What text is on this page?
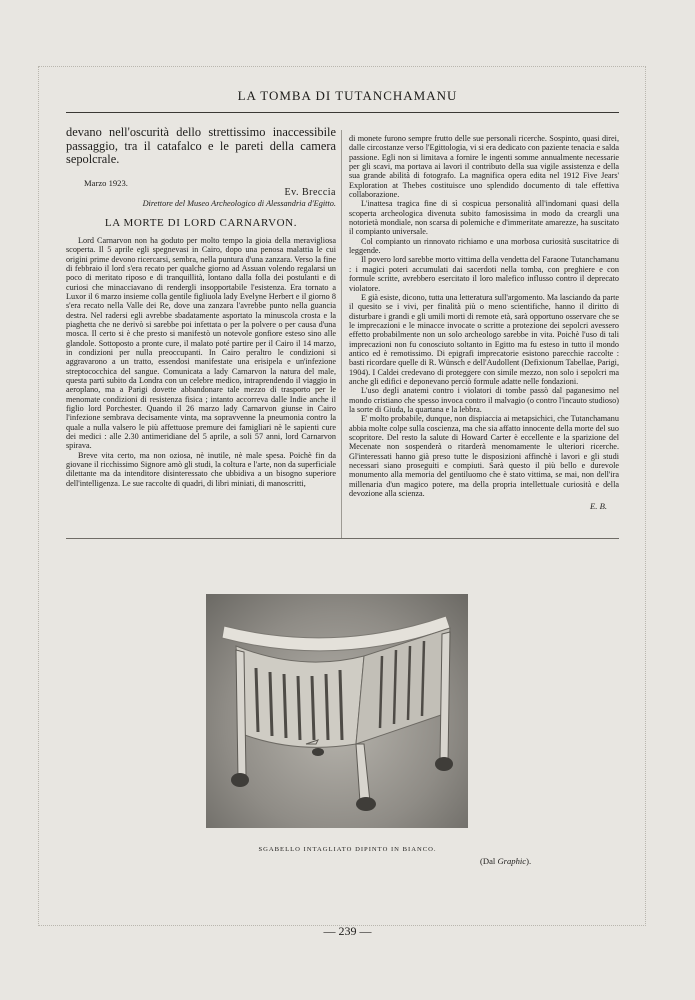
LA TOMBA DI TUTANCHAMANU
devano nell'oscurità dello strettissimo inaccessibile passaggio, tra il catafalco e le pareti della camera sepolcrale.
Marzo 1923.
Ev. Breccia
Direttore del Museo Archeologico di Alessandria d'Egitto.
LA MORTE DI LORD CARNARVON.

Lord Carnarvon non ha goduto per molto tempo la gioia della meravigliosa scoperta. Il 5 aprile egli spegnevasi in Cairo, dopo una penosa malattia le cui origini prime devono ricercarsi, sembra, nella puntura d'una zanzara. Verso la fine di febbraio il lord s'era recato per qualche giorno ad Assuan volendo regalarsi un poco di meritato riposo e di tranquillità, lontano dalla folla dei postulanti e di curiosi che minacciavano di rendergli insopportabile l'esistenza. Era tornato a Luxor il 6 marzo insieme colla gentile figliuola lady Evelyne Herbert e il giorno 8 s'era recato nella Valle dei Re, dove una zanzara l'avrebbe punto nella guancia destra. Nel radersi egli avrebbe sbadatamente asportato la minuscola crosta e la piaghetta che ne derivò si sarebbe poi infettata o per la polvere o per causa d'una mosca. Il certo si è che presto si manifestò un notevole gonfiore esteso sino alle glandole. Sottoposto a pronte cure, il malato poté partire per il Cairo il 14 marzo, in condizioni per nulla preoccupanti. In Cairo peraltro le condizioni si aggravarono a un tratto, essendosi manifestate una erisipela e un'infezione streptococchica del sangue. Comunicata a lady Carnarvon la natura del male, questa partì subito da Londra con un celebre medico, intraprendendo il viaggio in aeroplano, ma a Parigi dovette abbandonare tale mezzo di trasporto per le menomate condizioni di resistenza fisica ; intanto accorreva dalle Indie anche il figlio lord Porchester. Quando il 26 marzo lady Carnarvon giunse in Cairo l'infezione sembrava decisamente vinta, ma sopravvenne la pneumonia contro la quale a nulla valsero le più affettuose premure dei famigliari nè le sapienti cure dei medici : alle 2.30 antimeridiane del 5 aprile, a soli 57 anni, lord Carnarvon spirava.

Breve vita certo, ma non oziosa, nè inutile, nè male spesa. Poichè fin da giovane il ricchissimo Signore amò gli studi, la coltura e l'arte, non da superficiale dilettante ma da intenditore disinteressato che ubbidiva a un bisogno superiore dell'intelligenza. Le sue raccolte di quadri, di libri miniati, di manoscritti,

di monete furono sempre frutto delle sue personali ricerche. Sospinto, quasi direi, dalle circostanze verso l'Egittologia, vi si era dedicato con paziente tenacia e salda passione. Egli non si limitava a fornire le ingenti somme annualmente necessarie per gli scavi, ma portava ai lavori il contributo della sua vigile assistenza e della sua grande abilità di fotografo. La magnifica opera edita nel 1912 Five Jears' Exploration at Thebes costituisce uno splendido documento di tale effettiva collaborazione.

L'inattesa tragica fine di sì cospicua personalità all'indomani quasi della scoperta archeologica divenuta subito famosissima in modo da creargli una notorietà mondiale, non scarsa di polemiche e d'immeritate amarezze, ha suscitato il compianto universale.

Col compianto un rinnovato richiamo e una morbosa curiosità suscitatrice di leggende.

Il povero lord sarebbe morto vittima della vendetta del Faraone Tutanchamanu : i magici poteri accumulati dai sacerdoti nella tomba, con preghiere e con formule scritte, avrebbero esercitato il loro malefico influsso contro il deprecato violatore.

E già esiste, dicono, tutta una letteratura sull'argomento. Ma lasciando da parte il quesito se i vivi, per finalità più o meno scientifiche, hanno il diritto di disturbare i grandi e gli umili morti di remote età, sarà opportuno osservare che se le imprecazioni e le minacce invocate o scritte a protezione dei sepolcri avessero effetto probabilmente non un solo archeologo sarebbe in vita. Poichè l'uso di tali imprecazioni non fu conosciuto soltanto in Egitto ma fu esteso in tutto il mondo antico ed è remotissimo. Di epigrafi imprecatorie esistono parecchie raccolte : basti ricordare quelle di R. Wünsch e dell'Audollent (Defixionum Tabellae, Parigi, 1904). I Caldei credevano di proteggere con simile mezzo, non solo i sepolcri ma anche gli edifici e deponevano perciò formule adatte nelle fondazioni.

L'uso degli anatemi contro i violatori di tombe passò dal paganesimo nel mondo cristiano che spesso invoca contro il malvagio (o contro l'incauto studioso) la sorte di Giuda, la quartana e la lebbra.

E' molto probabile, dunque, non dispiaccia ai metapsichici, che Tutanchamanu abbia molte colpe sulla coscienza, ma che sia affatto innocente della morte del suo scopritore. Del resto la salute di Howard Carter è eccellente e la sparizione del Mecenate non sospenderà o ritarderà menomamente le ulteriori ricerche. Gl'interessati hanno già preso tutte le disposizioni affinchè i lavori e gli studi necessari siano proseguiti e compiuti. Sarà questo il più bello e durevole monumento alla memoria del gentiluomo che è stato vittima, se mai, non dell'ira millenaria d'un magico potere, ma della propria intellettuale curiosità e della devozione alla scienza.

E. B.
SGABELLO INTAGLIATO DIPINTO IN BIANCO.
(Dal Graphic).
— 239 —
